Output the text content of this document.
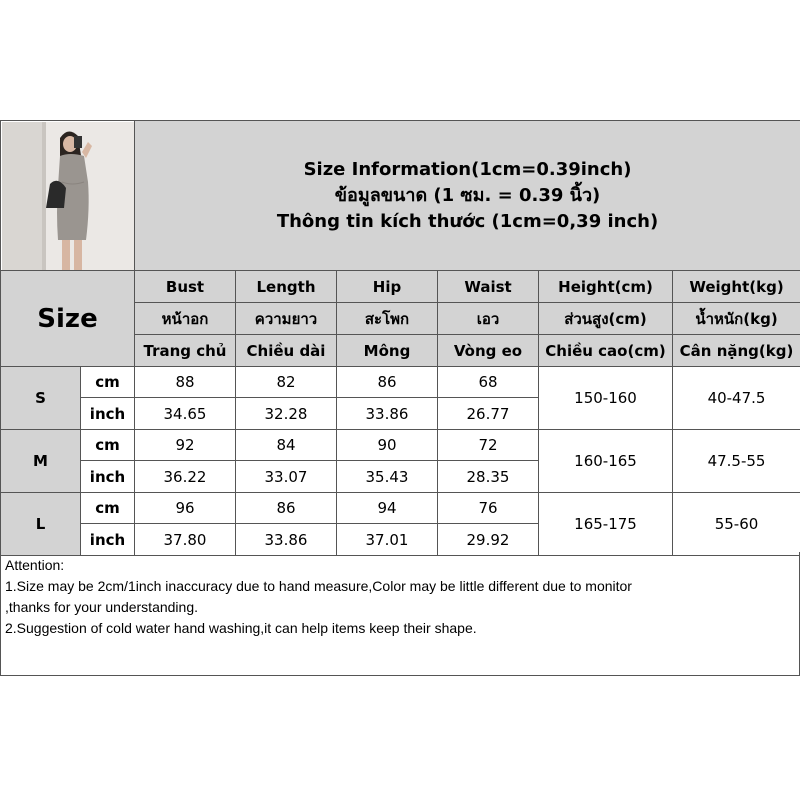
Size Information(1cm=0.39inch)
ข้อมูลขนาด (1 ซม. = 0.39 นิ้ว)
Thông tin kích thước (1cm=0,39 inch)					

Size		Bust	Length	Hip	Waist	Height(cm)	Weight(kg)
		หน้าอก	ความยาว	สะโพก	เอว	ส่วนสูง(cm)	น้ำหนัก(kg)
		Trang chủ	Chiều dài	Mông	Vòng eo	Chiều cao(cm)	Cân nặng(kg)
S	cm	88	82	86	68	150-160	40-47.5
	inch	34.65	32.28	33.86	26.77		
M	cm	92	84	90	72	160-165	47.5-55
	inch	36.22	33.07	35.43	28.35		
L	cm	96	86	94	76	165-175	55-60
	inch	37.80	33.86	37.01	29.92		
Attention:
1.Size may be 2cm/1inch inaccuracy due to hand measure,Color may be little different due to monitor
,thanks for your understanding.
2.Suggestion of cold water hand washing,it can help items keep their shape.
